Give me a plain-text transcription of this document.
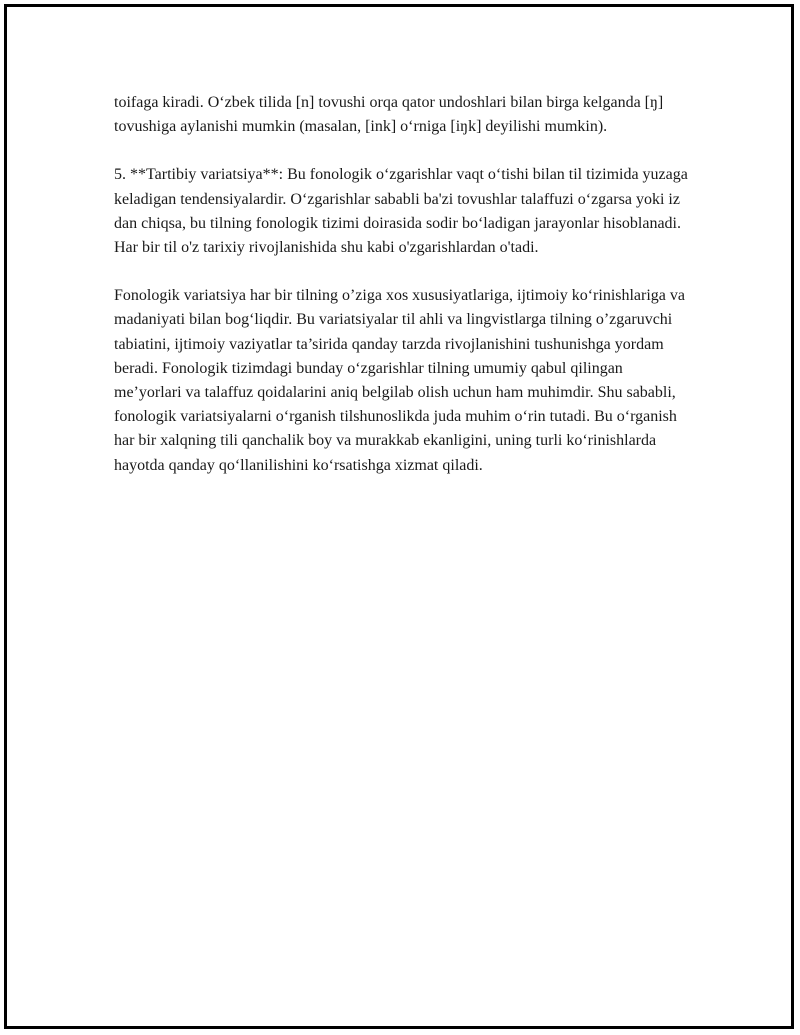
toifaga kiradi. O‘zbek tilida [n] tovushi orqa qator undoshlari bilan birga kelganda [ŋ] tovushiga aylanishi mumkin (masalan, [ink] o‘rniga [iŋk] deyilishi mumkin).

5. **Tartibiy variatsiya**: Bu fonologik o‘zgarishlar vaqt o‘tishi bilan til tizimida yuzaga keladigan tendensiyalardir. O‘zgarishlar sababli ba'zi tovushlar talaffuzi o‘zgarsa yoki iz dan chiqsa, bu tilning fonologik tizimi doirasida sodir bo‘ladigan jarayonlar hisoblanadi. Har bir til o'z tarixiy rivojlanishida shu kabi o'zgarishlardan o'tadi.

Fonologik variatsiya har bir tilning o’ziga xos xususiyatlariga, ijtimoiy ko‘rinishlariga va madaniyati bilan bog‘liqdir. Bu variatsiyalar til ahli va lingvistlarga tilning o’zgaruvchi tabiatini, ijtimoiy vaziyatlar ta’sirida qanday tarzda rivojlanishini tushunishga yordam beradi. Fonologik tizimdagi bunday o‘zgarishlar tilning umumiy qabul qilingan me’yorlari va talaffuz qoidalarini aniq belgilab olish uchun ham muhimdir. Shu sababli, fonologik variatsiyalarni o‘rganish tilshunoslikda juda muhim o‘rin tutadi. Bu o‘rganish har bir xalqning tili qanchalik boy va murakkab ekanligini, uning turli ko‘rinishlarda hayotda qanday qo‘llanilishini ko‘rsatishga xizmat qiladi.
